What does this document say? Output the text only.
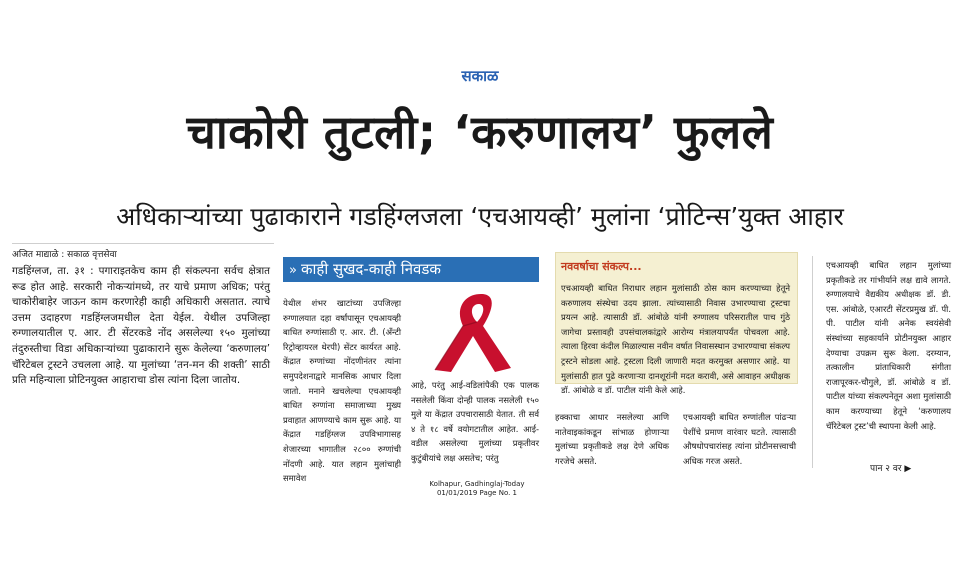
सकाळ
चाकोरी तुटली; ‘करुणालय’ फुलले
अधिकाऱ्यांच्या पुढाकाराने गडहिंग्लजला ‘एचआयव्ही’ मुलांना ‘प्रोटिन्स’युक्त आहार
अजित माद्याळे : सकाळ वृत्तसेवा
गडहिंग्लज, ता. ३१ : पगाराइतकेच काम ही संकल्पना सर्वच क्षेत्रात रूढ होत आहे. सरकारी नोकऱ्यांमध्ये, तर याचे प्रमाण अधिक; परंतु चाकोरीबाहेर जाऊन काम करणारेही काही अधिकारी असतात. त्याचे उत्तम उदाहरण गडहिंग्लजमधील देता येईल. येथील उपजिल्हा रुग्णालयातील ए. आर. टी सेंटरकडे नोंद असलेल्या १५० मुलांच्या तंदुरुस्तीचा विडा अधिकाऱ्यांच्या पुढाकाराने सुरू केलेल्या ‘करुणालय’ चॅरिटेबल ट्रस्टने उचलला आहे. या मुलांच्या ‘तन-मन की शक्ती’ साठी प्रति महिन्याला प्रोटिनयुक्त आहाराचा डोस त्यांना दिला जातोय.
» काही सुखद-काही निवडक
येथील शंभर खाटांच्या उपजिल्हा रुग्णालयात दहा वर्षांपासून एचआयव्ही बाधित रुग्णांसाठी ए. आर. टी. (अँन्टी रिट्रोव्हायरल थेरपी) सेंटर कार्यरत आहे. केंद्रात रुग्णांच्या नोंदणीनंतर त्यांना समुपदेशनाद्वारे मानसिक आधार दिला जातो. मनाने खचलेल्या एचआयव्ही बाधित रुग्णांना समाजाच्या मुख्य प्रवाहात आणण्याचे काम सुरू आहे. या केंद्रात गडहिंग्लज उपविभागासह शेजारच्या भागातील २८०० रुग्णांची नोंदणी आहे. यात लहान मुलांचाही समावेश
आहे, परंतु आई-वडिलांपैकी एक पालक नसलेली किंवा दोन्ही पालक नसलेली १५० मुले या केंद्रात उपचारासाठी येतात. ती सर्व ४ ते १८ वर्षे वयोगटातील आहेत. आई-वडील असलेल्या मुलांच्या प्रकृतीवर कुटुंबीयांचे लक्ष असतेच; परंतु
Kolhapur, Gadhinglaj-Today
01/01/2019 Page No. 1
नववर्षाचा संकल्प...
एचआयव्ही बाधित निराधार लहान मुलांसाठी ठोस काम करण्याच्या हेतूने करुणालय संस्थेचा उदय झाला. त्यांच्यासाठी निवास उभारण्याचा ट्रस्टचा प्रयत्न आहे. त्यासाठी डॉ. आंबोळे यांनी रुग्णालय परिसरातील पाच गुंठे जागेचा प्रस्तावही उपसंचालकांद्वारे आरोग्य मंत्रालयापर्यंत पोचवला आहे. त्याला हिरवा कंदील मिळाल्यास नवीन वर्षात निवासस्थान उभारण्याचा संकल्प ट्रस्टने सोडला आहे. ट्रस्टला दिली जाणारी मदत करमुक्त असणार आहे. या मुलांसाठी हात पुढे करणाऱ्या दानशूरांनी मदत करावी, असे आवाहन अधीक्षक डॉ. आंबोळे व डॉ. पाटील यांनी केले आहे.
हक्काचा आधार नसलेल्या आणि नातेवाइकांकडून सांभाळ होणाऱ्या मुलांच्या प्रकृतीकडे लक्ष देणे अधिक गरजेचे असते.
एचआयव्ही बाधित रुग्णांतील पांढऱ्या पेशींचे प्रमाण वारंवार घटते. त्यासाठी औषधोपचारांसह त्यांना प्रोटीनसत्त्वाची अधिक गरज असते.
एचआयव्ही बाधित लहान मुलांच्या प्रकृतीकडे तर गांभीर्याने लक्ष द्यावे लागते. रुग्णालयाचे वैद्यकीय अधीक्षक डॉ. डी. एस. आंबोळे, एआरटी सेंटरप्रमुख डॉ. पी. पी. पाटील यांनी अनेक स्वयंसेवी संस्थांच्या सहकार्याने प्रोटीनयुक्त आहार देण्याचा उपक्रम सुरू केला. दरम्यान, तत्कालीन प्रांताधिकारी संगीता राजापूरकर-चौगुले, डॉ. आंबोळे व डॉ. पाटील यांच्या संकल्पनेतून अशा मुलांसाठी काम करण्याच्या हेतूने ‘करुणालय चॅरिटेबल ट्रस्ट’ची स्थापना केली आहे.
पान २ वर ▶
